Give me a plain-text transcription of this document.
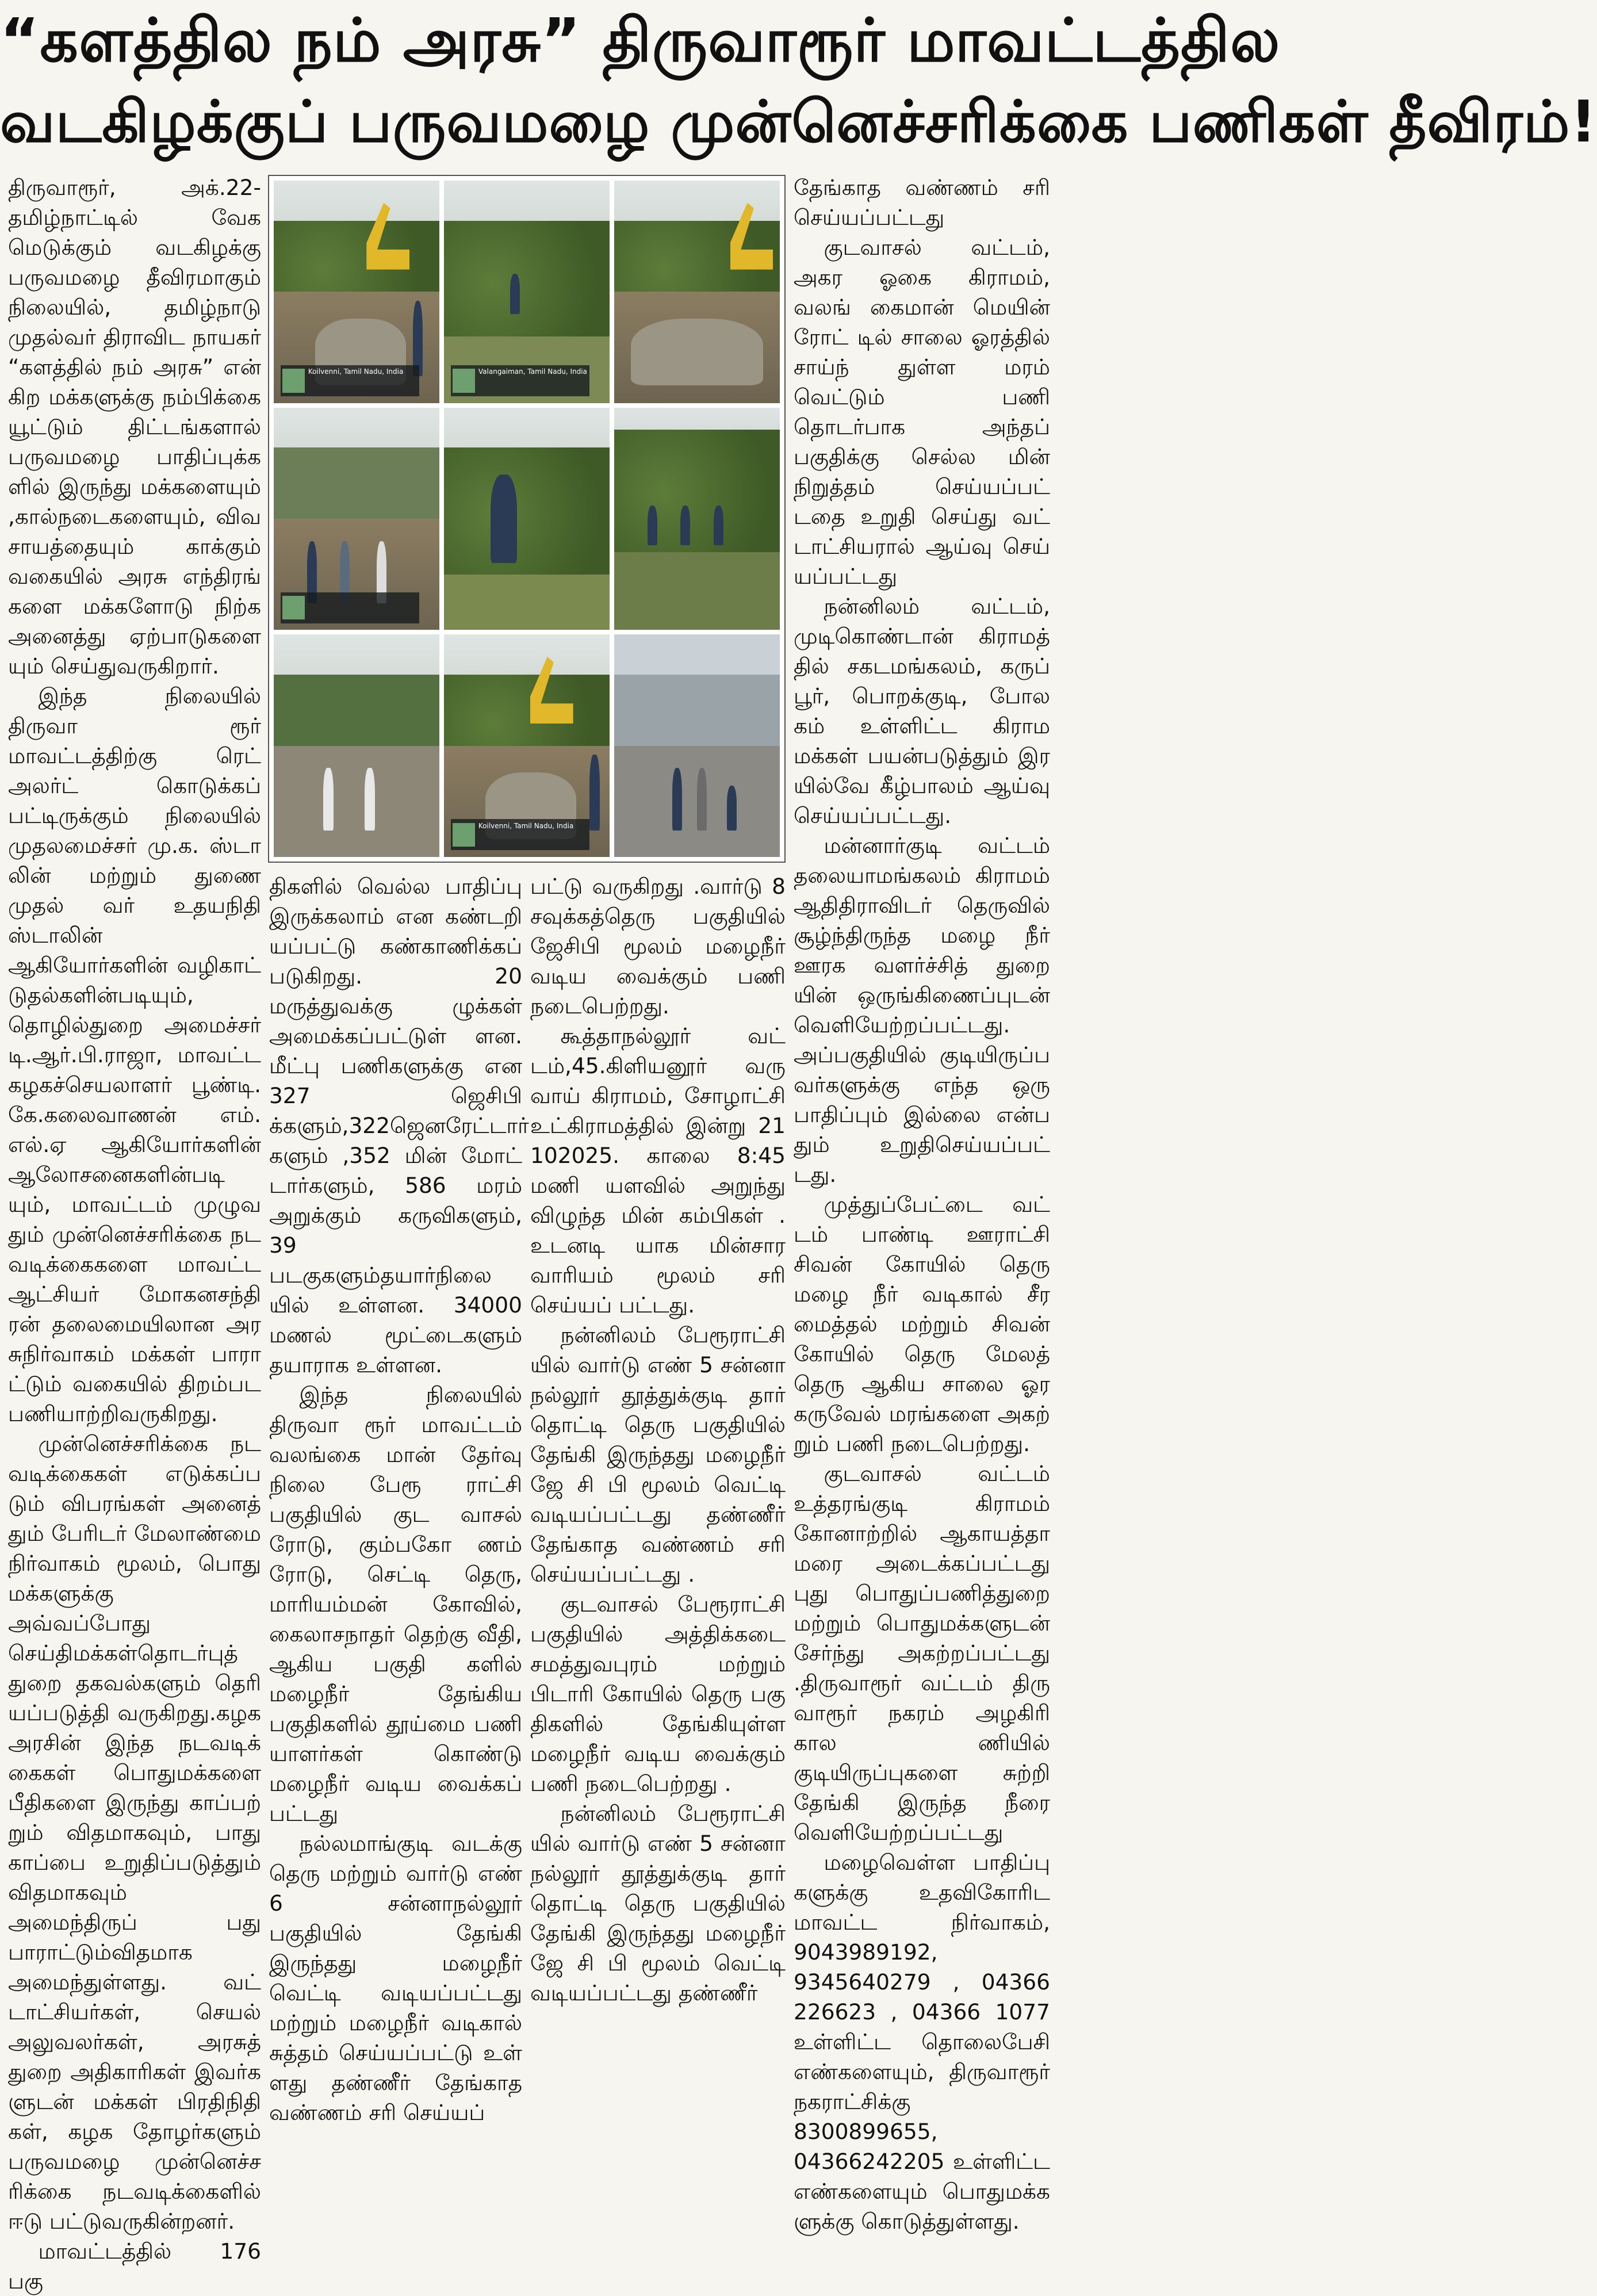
“களத்தில நம் அரசு” திருவாரூர் மாவட்டத்தில
வடகிழக்குப் பருவமழை முன்னெச்சரிக்கை பணிகள் தீவிரம்!

திருவாரூர், அக்.22- தமிழ்நாட்டில் வேக மெடுக்கும் வடகிழக்கு பருவமழை தீவிரமாகும் நிலையில், தமிழ்நாடு முதல்வர் திராவிட நாயகர் “களத்தில் நம் அரசு” என் கிற மக்களுக்கு நம்பிக்கை யூட்டும் திட்டங்களால் பருவமழை பாதிப்புக்க ளில் இருந்து மக்களையும் ,கால்நடைகளையும், விவ சாயத்தையும் காக்கும் வகையில் அரசு எந்திரங் களை மக்களோடு நிற்க அனைத்து ஏற்பாடுகளை யும் செய்துவருகிறார்.

இந்த நிலையில் திருவா ரூர் மாவட்டத்திற்கு ரெட் அலர்ட் கொடுக்கப் பட்டிருக்கும் நிலையில் முதலமைச்சர் மு.க. ஸ்டா லின் மற்றும் துணை முதல் வர் உதயநிதி ஸ்டாலின் ஆகியோர்களின் வழிகாட் டுதல்களின்படியும், தொழில்துறை அமைச்சர் டி.ஆர்.பி.ராஜா, மாவட்ட கழகச்செயலாளர் பூண்டி. கே.கலைவாணன் எம். எல்.ஏ ஆகியோர்களின் ஆலோசனைகளின்படி யும், மாவட்டம் முழுவ தும் முன்னெச்சரிக்கை நட வடிக்கைகளை மாவட்ட ஆட்சியர் மோகனசந்தி ரன் தலைமையிலான அர சுநிர்வாகம் மக்கள் பாரா ட்டும் வகையில் திறம்பட பணியாற்றிவருகிறது.

முன்னெச்சரிக்கை நட வடிக்கைகள் எடுக்கப்ப டும் விபரங்கள் அனைத் தும் பேரிடர் மேலாண்மை நிர்வாகம் மூலம், பொது மக்களுக்கு அவ்வப்போது செய்திமக்கள்தொடர்புத் துறை தகவல்களும் தெரி யப்படுத்தி வருகிறது.கழக அரசின் இந்த நடவடிக் கைகள் பொதுமக்களை பீதிகளை இருந்து காப்பற் றும் விதமாகவும், பாது காப்பை உறுதிப்படுத்தும் விதமாகவும் அமைந்திருப் பது பாராட்டும்விதமாக அமைந்துள்ளது. வட் டாட்சியர்கள், செயல் அலுவலர்கள், அரசுத் துறை அதிகாரிகள் இவர்க ளுடன் மக்கள் பிரதிநிதி கள், கழக தோழர்களும் பருவமழை முன்னெச்ச ரிக்கை நடவடிக்கைளில் ஈடு பட்டுவருகின்றனர்.

மாவட்டத்தில் 176 பகு

Koilvenni, Tamil Nadu, India	Valangaiman, Tamil Nadu, India
Koilvenni, Tamil Nadu, India

திகளில் வெல்ல பாதிப்பு இருக்கலாம் என கண்டறி யப்பட்டு கண்காணிக்கப் படுகிறது. 20 மருத்துவக்கு ழுக்கள் அமைக்கப்பட்டுள் ளன. மீட்பு பணிகளுக்கு என 327 ஜெசிபி க்களும்,322ஜெனரேட்டார் களும் ,352 மின் மோட் டார்களும், 586 மரம் அறுக்கும் கருவிகளும், 39 படகுகளும்தயார்நிலை யில் உள்ளன. 34000 மணல் மூட்டைகளும் தயாராக உள்ளன.

இந்த நிலையில் திருவா ரூர் மாவட்டம் வலங்கை மான் தேர்வு நிலை பேரூ ராட்சி பகுதியில் குட வாசல் ரோடு, கும்பகோ ணம் ரோடு, செட்டி தெரு, மாரியம்மன் கோவில், கைலாசநாதர் தெற்கு வீதி, ஆகிய பகுதி களில் மழைநீர் தேங்கிய பகுதிகளில் தூய்மை பணி யாளர்கள் கொண்டு மழைநீர் வடிய வைக்கப் பட்டது

நல்லமாங்குடி வடக்கு தெரு மற்றும் வார்டு எண் 6 சன்னாநல்லூர் பகுதியில் தேங்கி இருந்தது மழைநீர் வெட்டி வடியப்பட்டது மற்றும் மழைநீர் வடிகால் சுத்தம் செய்யப்பட்டு உள் ளது தண்ணீர் தேங்காத வண்ணம் சரி செய்யப்

பட்டு வருகிறது .வார்டு 8 சவுக்கத்தெரு பகுதியில் ஜேசிபி மூலம் மழைநீர் வடிய வைக்கும் பணி நடைபெற்றது.

கூத்தாநல்லூர் வட் டம்,45.கிளியனூர் வரு வாய் கிராமம், சோழாட்சி உட்கிராமத்தில் இன்று 21 102025. காலை 8:45 மணி யளவில் அறுந்து விழுந்த மின் கம்பிகள் . உடனடி யாக மின்சார வாரியம் மூலம் சரி செய்யப் பட்டது.

நன்னிலம் பேரூராட்சி யில் வார்டு எண் 5 சன்னா நல்லூர் தூத்துக்குடி தார் தொட்டி தெரு பகுதியில் தேங்கி இருந்தது மழைநீர் ஜே சி பி மூலம் வெட்டி வடியப்பட்டது தண்ணீர் தேங்காத வண்ணம் சரி செய்யப்பட்டது .

குடவாசல் பேரூராட்சி பகுதியில் அத்திக்கடை சமத்துவபுரம் மற்றும் பிடாரி கோயில் தெரு பகு திகளில் தேங்கியுள்ள மழைநீர் வடிய வைக்கும் பணி நடைபெற்றது .

நன்னிலம் பேரூராட்சி யில் வார்டு எண் 5 சன்னா நல்லூர் தூத்துக்குடி தார் தொட்டி தெரு பகுதியில் தேங்கி இருந்தது மழைநீர் ஜே சி பி மூலம் வெட்டி வடியப்பட்டது தண்ணீர்

தேங்காத வண்ணம் சரி செய்யப்பட்டது

குடவாசல் வட்டம், அகர ஓகை கிராமம், வலங் கைமான் மெயின் ரோட் டில் சாலை ஓரத்தில் சாய்ந் துள்ள மரம் வெட்டும் பணி தொடர்பாக அந்தப் பகுதிக்கு செல்ல மின் நிறுத்தம் செய்யப்பட் டதை உறுதி செய்து வட் டாட்சியரால் ஆய்வு செய் யப்பட்டது

நன்னிலம் வட்டம், முடிகொண்டான் கிராமத் தில் சகடமங்கலம், கருப் பூர், பொறக்குடி, போல கம் உள்ளிட்ட கிராம மக்கள் பயன்படுத்தும் இர யில்வே கீழ்பாலம் ஆய்வு செய்யப்பட்டது.

மன்னார்குடி வட்டம் தலையாமங்கலம் கிராமம் ஆதிதிராவிடர் தெருவில் சூழ்ந்திருந்த மழை நீர் ஊரக வளர்ச்சித் துறை யின் ஒருங்கிணைப்புடன் வெளியேற்றப்பட்டது. அப்பகுதியில் குடியிருப்ப வர்களுக்கு எந்த ஒரு பாதிப்பும் இல்லை என்ப தும் உறுதிசெய்யப்பட் டது.

முத்துப்பேட்டை வட் டம் பாண்டி ஊராட்சி சிவன் கோயில் தெரு மழை நீர் வடிகால் சீர மைத்தல் மற்றும் சிவன் கோயில் தெரு மேலத் தெரு ஆகிய சாலை ஓர கருவேல் மரங்களை அகற் றும் பணி நடைபெற்றது.

குடவாசல் வட்டம் உத்தரங்குடி கிராமம் கோனாற்றில் ஆகாயத்தா மரை அடைக்கப்பட்டது புது பொதுப்பணித்துறை மற்றும் பொதுமக்களுடன் சேர்ந்து அகற்றப்பட்டது .திருவாரூர் வட்டம் திரு வாரூர் நகரம் அழகிரி கால ணியில் குடியிருப்புகளை சுற்றி தேங்கி இருந்த நீரை வெளியேற்றப்பட்டது

மழைவெள்ள பாதிப்பு களுக்கு உதவிகோரிட மாவட்ட நிர்வாகம், 9043989192, 9345640279 , 04366 226623 , 04366 1077 உள்ளிட்ட தொலைபேசி எண்களையும், திருவாரூர் நகராட்சிக்கு 8300899655, 04366242205 உள்ளிட்ட எண்களையும் பொதுமக்க ளுக்கு கொடுத்துள்ளது.
